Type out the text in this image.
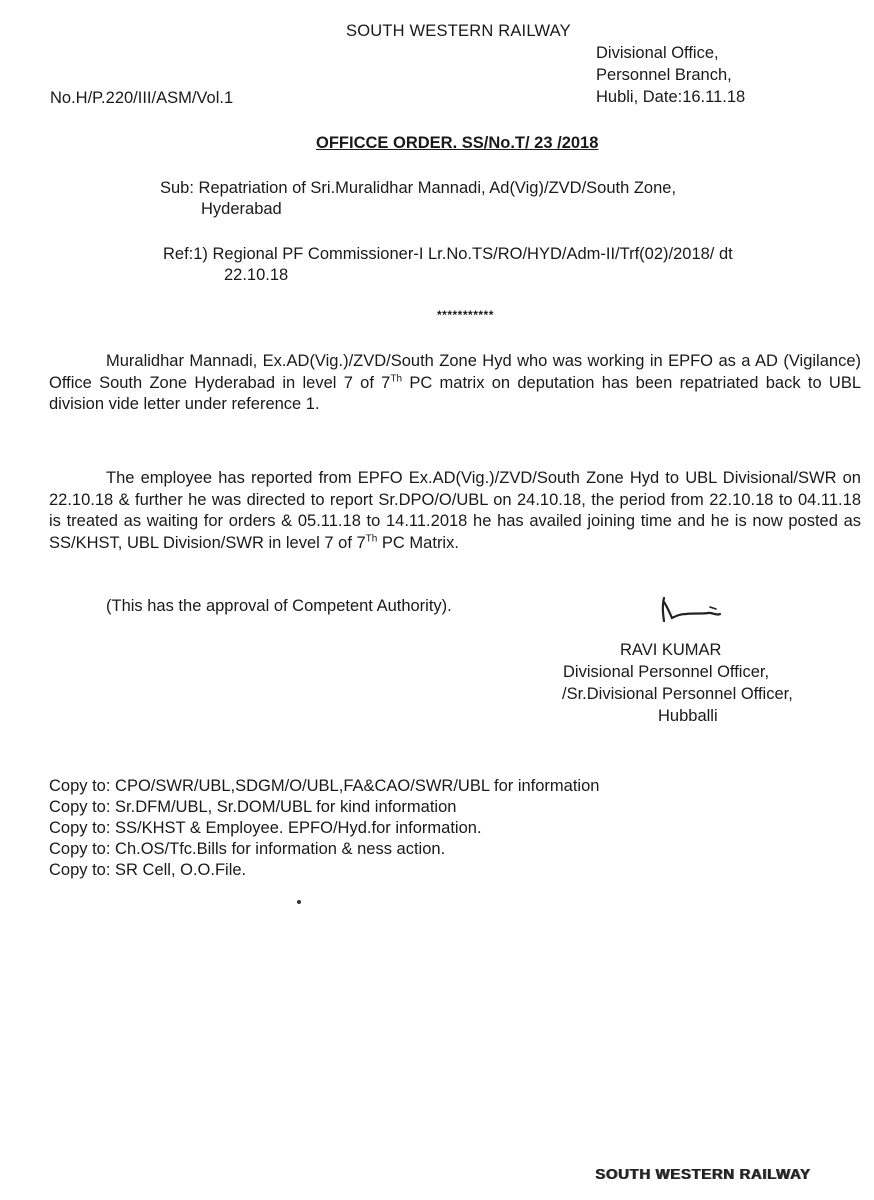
SOUTH WESTERN RAILWAY
Divisional Office,
Personnel Branch,
Hubli, Date:16.11.18
No.H/P.220/III/ASM/Vol.1
OFFICCE ORDER. SS/No.T/ 23 /2018
Sub: Repatriation of Sri.Muralidhar Mannadi, Ad(Vig)/ZVD/South Zone,
Hyderabad
Ref:1) Regional PF Commissioner-I Lr.No.TS/RO/HYD/Adm-II/Trf(02)/2018/ dt
22.10.18
***********
Muralidhar Mannadi, Ex.AD(Vig.)/ZVD/South Zone Hyd who was working in EPFO as a AD (Vigilance) Office South Zone Hyderabad in level 7 of 7Th PC matrix on deputation has been repatriated back to UBL division vide letter under reference 1.
The employee has reported from EPFO Ex.AD(Vig.)/ZVD/South Zone Hyd to UBL Divisional/SWR on 22.10.18 & further he was directed to report Sr.DPO/O/UBL on 24.10.18, the period from 22.10.18 to 04.11.18 is treated as waiting for orders & 05.11.18 to 14.11.2018 he has availed joining time and he is now posted as SS/KHST, UBL Division/SWR in level 7 of 7Th PC Matrix.
(This has the approval of Competent Authority).
RAVI KUMAR
Divisional Personnel Officer,
/Sr.Divisional Personnel Officer,
Hubballi
Copy to: CPO/SWR/UBL,SDGM/O/UBL,FA&CAO/SWR/UBL for information
Copy to: Sr.DFM/UBL, Sr.DOM/UBL for kind information
Copy to: SS/KHST & Employee. EPFO/Hyd.for information.
Copy to: Ch.OS/Tfc.Bills for information & ness action.
Copy to: SR Cell, O.O.File.
SOUTH WESTERN RAILWAY
